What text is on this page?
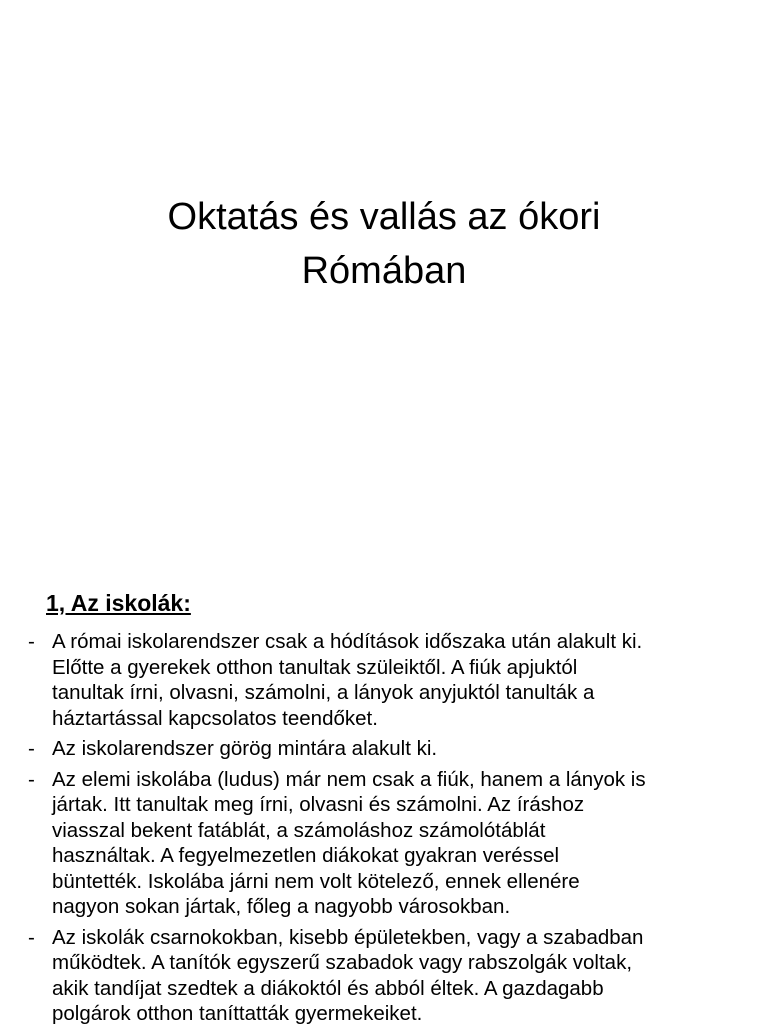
Oktatás és vallás az ókori
Rómában
1, Az iskolák:
- A római iskolarendszer csak a hódítások időszaka után alakult ki.
Előtte a gyerekek otthon tanultak szüleiktől. A fiúk apjuktól
tanultak írni, olvasni, számolni, a lányok anyjuktól tanulták a
háztartással kapcsolatos teendőket.
- Az iskolarendszer görög mintára alakult ki.
- Az elemi iskolába (ludus) már nem csak a fiúk, hanem a lányok is
jártak. Itt tanultak meg írni, olvasni és számolni. Az íráshoz
viasszal bekent fatáblát, a számoláshoz számolótáblát
használtak. A fegyelmezetlen diákokat gyakran veréssel
büntették. Iskolába járni nem volt kötelező, ennek ellenére
nagyon sokan jártak, főleg a nagyobb városokban.
- Az iskolák csarnokokban, kisebb épületekben, vagy a szabadban
működtek. A tanítók egyszerű szabadok vagy rabszolgák voltak,
akik tandíjat szedtek a diákoktól és abból éltek. A gazdagabb
polgárok otthon taníttatták gyermekeiket.
